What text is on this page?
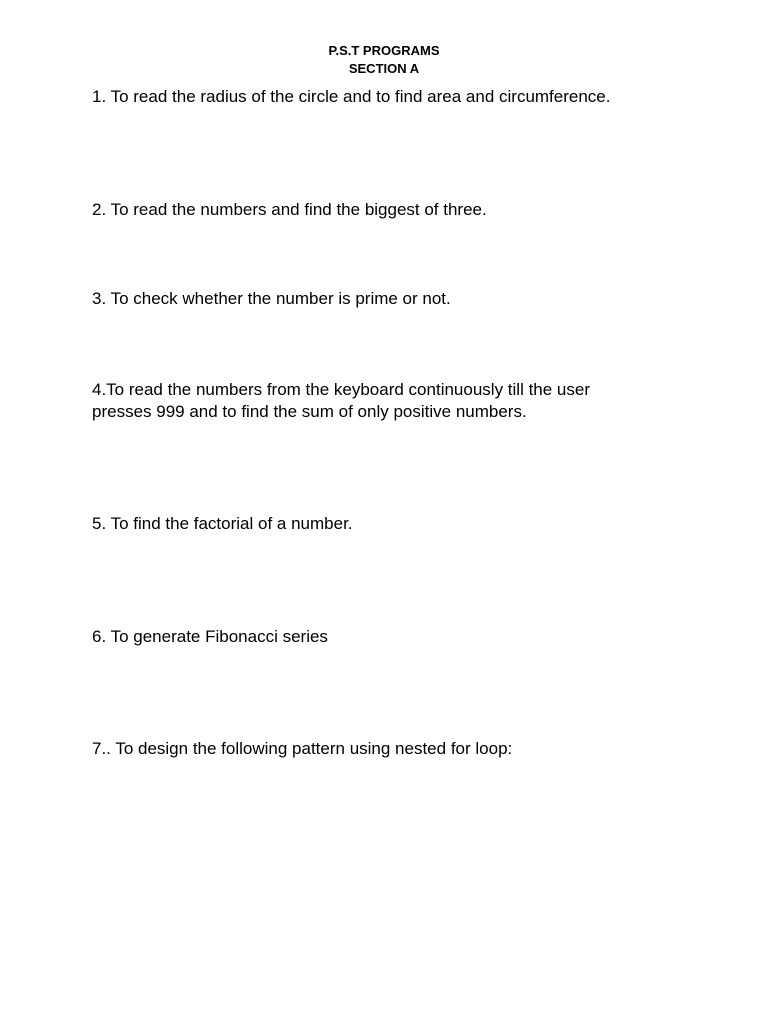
P.S.T PROGRAMS
SECTION A
1. To read the radius of the circle and to find area and circumference.
2. To read the numbers and find the biggest of three.
3. To check whether the number is prime or not.
4.To read the numbers from the keyboard continuously till the user
presses 999 and to find the sum of only positive numbers.
5. To find the factorial of a number.
6. To generate Fibonacci series
7.. To design the following pattern using nested for loop:
